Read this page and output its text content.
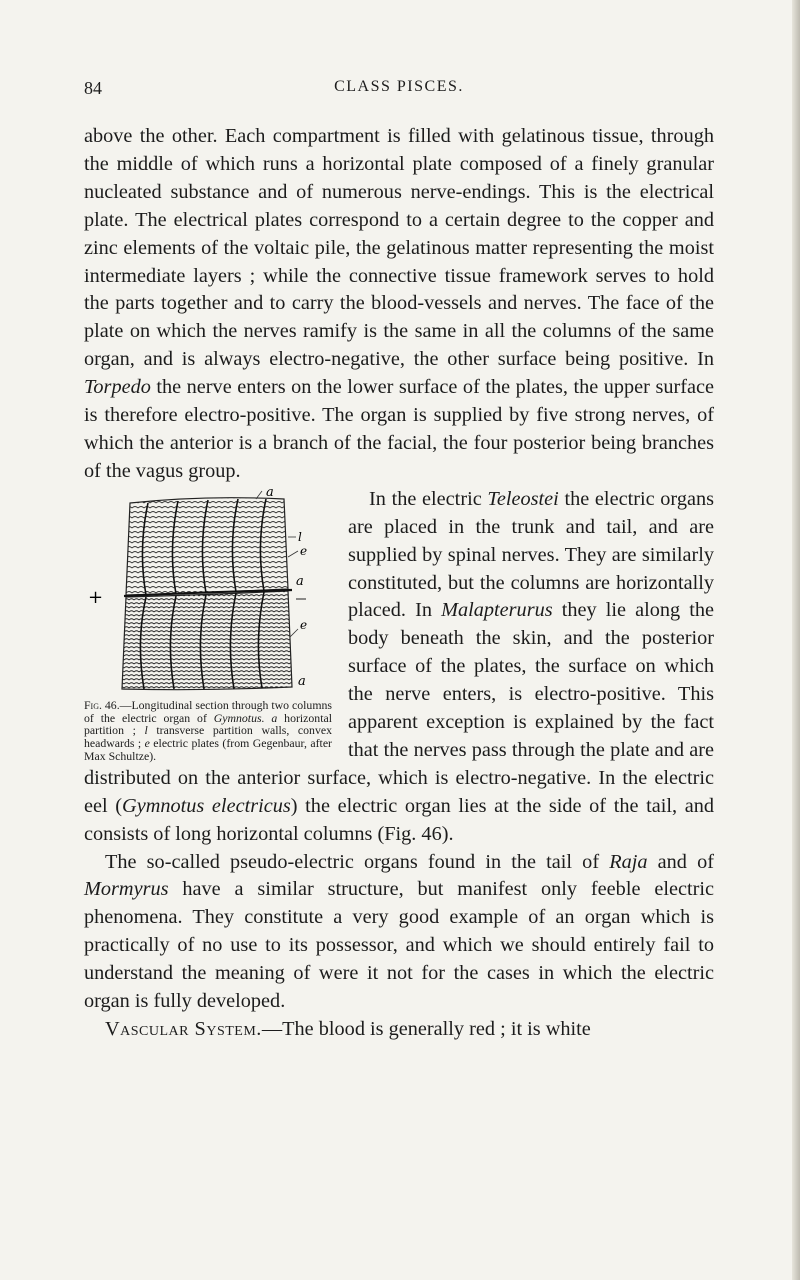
84	CLASS PISCES.

above the other. Each compartment is filled with gelatinous tissue, through the middle of which runs a horizontal plate composed of a finely granular nucleated substance and of numerous nerve-endings. This is the electrical plate. The electrical plates correspond to a certain degree to the copper and zinc elements of the voltaic pile, the gelatinous matter representing the moist intermediate layers ; while the connective tissue framework serves to hold the parts together and to carry the blood-vessels and nerves. The face of the plate on which the nerves ramify is the same in all the columns of the same organ, and is always electro-negative, the other surface being positive. In Torpedo the nerve enters on the lower surface of the plates, the upper surface is therefore electro-positive. The organ is supplied by five strong nerves, of which the anterior is a branch of the facial, the four posterior being branches of the vagus group.

a
l
e
a
e
a
+
Fig. 46.—Longitudinal section through two columns of the electric organ of Gymnotus. a horizontal partition ; l transverse partition walls, convex headwards ; e electric plates (from Gegenbaur, after Max Schultze).

In the electric Teleostei the electric organs are placed in the trunk and tail, and are supplied by spinal nerves. They are similarly constituted, but the columns are horizontally placed. In Malapterurus they lie along the body beneath the skin, and the posterior surface of the plates, the surface on which the nerve enters, is electro-positive. This apparent exception is explained by the fact that the nerves pass through the plate and are distributed on the anterior surface, which is electro-negative. In the electric eel (Gymnotus electricus) the electric organ lies at the side of the tail, and consists of long horizontal columns (Fig. 46).

The so-called pseudo-electric organs found in the tail of Raja and of Mormyrus have a similar structure, but manifest only feeble electric phenomena. They constitute a very good example of an organ which is practically of no use to its possessor, and which we should entirely fail to understand the meaning of were it not for the cases in which the electric organ is fully developed.

Vascular System.—The blood is generally red ; it is white
